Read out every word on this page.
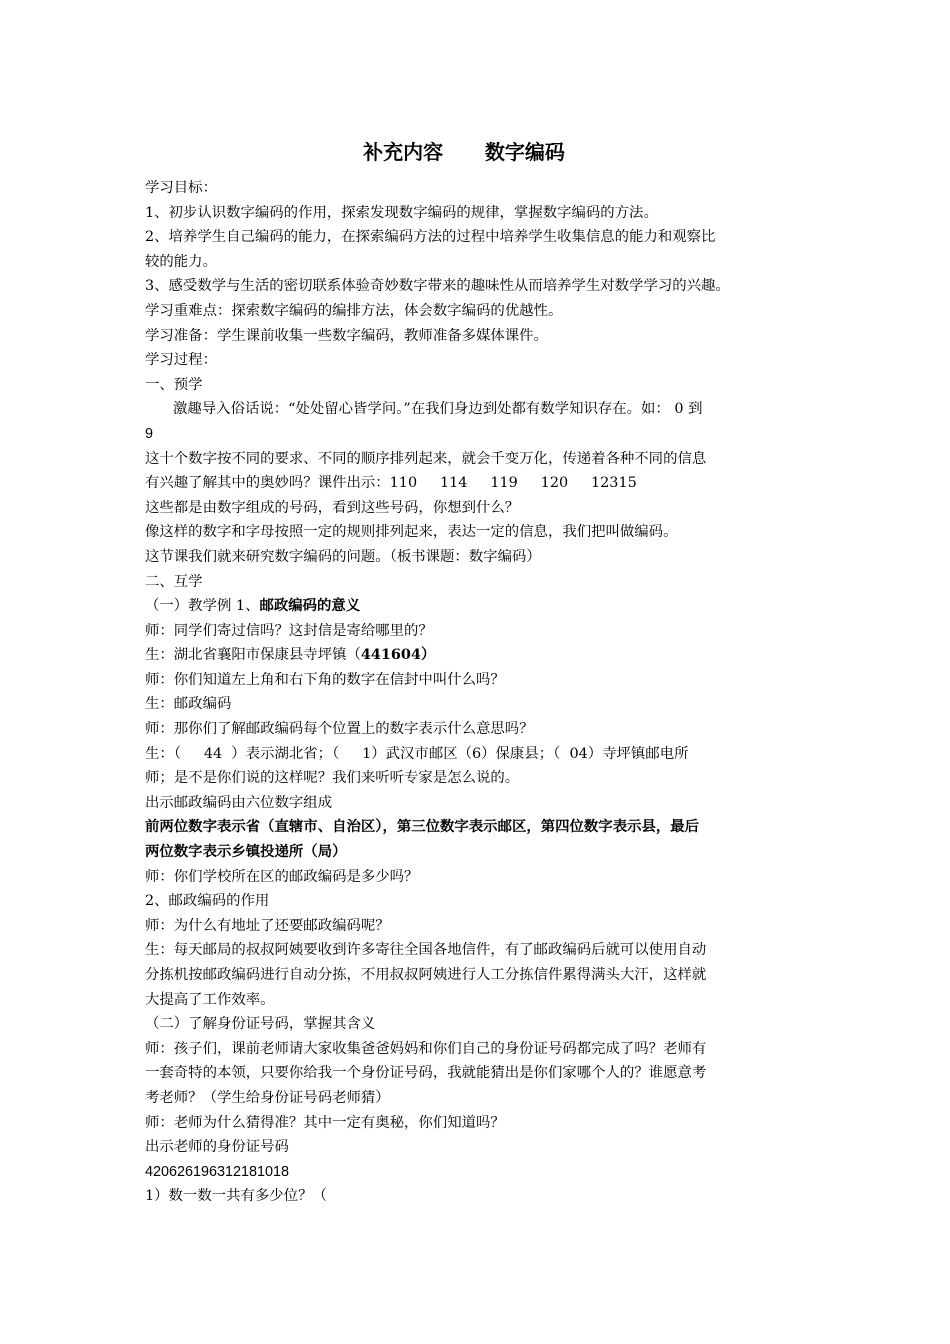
补充内容      数字编码
学习目标：
1、初步认识数字编码的作用，探索发现数字编码的规律，掌握数字编码的方法。
2、培养学生自己编码的能力，在探索编码方法的过程中培养学生收集信息的能力和观察比
较的能力。
3、感受数学与生活的密切联系体验奇妙数字带来的趣味性从而培养学生对数学学习的兴趣。
学习重难点：探索数字编码的编排方法，体会数字编码的优越性。
学习准备：学生课前收集一些数字编码，教师准备多媒体课件。
学习过程：
一、预学
激趣导入俗话说：“处处留心皆学问。”在我们身边到处都有数学知识存在。如： 0 到
9
这十个数字按不同的要求、不同的顺序排列起来，就会千变万化，传递着各种不同的信息
有兴趣了解其中的奥妙吗？课件出示：110     114     119     120     12315
这些都是由数字组成的号码，看到这些号码，你想到什么？
像这样的数字和字母按照一定的规则排列起来，表达一定的信息，我们把叫做编码。
这节课我们就来研究数字编码的问题。（板书课题：数字编码）
二、互学
（一）教学例 1、邮政编码的意义
师：同学们寄过信吗？这封信是寄给哪里的？
生：湖北省襄阳市保康县寺坪镇（441604）
师：你们知道左上角和右下角的数字在信封中叫什么吗？
生：邮政编码
师：那你们了解邮政编码每个位置上的数字表示什么意思吗？
生：（     44  ）表示湖北省；（     1）武汉市邮区（6）保康县；（  04）寺坪镇邮电所
师；是不是你们说的这样呢？我们来听听专家是怎么说的。
出示邮政编码由六位数字组成
前两位数字表示省（直辖市、自治区），第三位数字表示邮区，第四位数字表示县，最后
两位数字表示乡镇投递所（局）
师：你们学校所在区的邮政编码是多少吗？
2、邮政编码的作用
师：为什么有地址了还要邮政编码呢？
生：每天邮局的叔叔阿姨要收到许多寄往全国各地信件，有了邮政编码后就可以使用自动
分拣机按邮政编码进行自动分拣，不用叔叔阿姨进行人工分拣信件累得满头大汗，这样就
大提高了工作效率。
（二）了解身份证号码，掌握其含义
师：孩子们，课前老师请大家收集爸爸妈妈和你们自己的身份证号码都完成了吗？老师有
一套奇特的本领，只要你给我一个身份证号码，我就能猜出是你们家哪个人的？谁愿意考
考老师？（学生给身份证号码老师猜）
师：老师为什么猜得准？其中一定有奥秘，你们知道吗？
出示老师的身份证号码
420626196312181018
1）数一数一共有多少位？（
